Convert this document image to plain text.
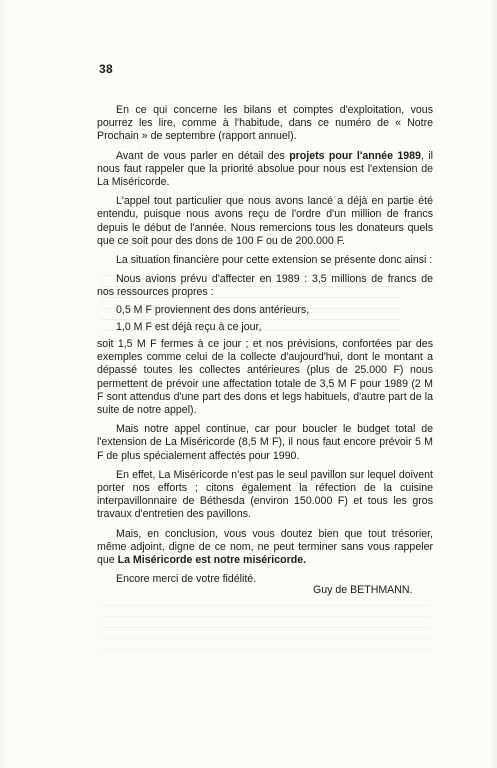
38

En ce qui concerne les bilans et comptes d'exploitation, vous pourrez les lire, comme à l'habitude, dans ce numéro de « Notre Prochain » de septembre (rapport annuel).

Avant de vous parler en détail des projets pour l'année 1989, il nous faut rappeler que la priorité absolue pour nous est l'extension de La Miséricorde.

L'appel tout particulier que nous avons lancé a déjà en partie été entendu, puisque nous avons reçu de l'ordre d'un million de francs depuis le début de l'année. Nous remercions tous les donateurs quels que ce soit pour des dons de 100 F ou de 200.000 F.

La situation financière pour cette extension se présente donc ainsi :

Nous avions prévu d'affecter en 1989 : 3,5 millions de francs de nos ressources propres :

0,5 M F proviennent des dons antérieurs,

1,0 M F est déjà reçu à ce jour,

soit 1,5 M F fermes à ce jour ; et nos prévisions, confortées par des exemples comme celui de la collecte d'aujourd'hui, dont le montant a dépassé toutes les collectes antérieures (plus de 25.000 F) nous permettent de prévoir une affectation totale de 3,5 M F pour 1989 (2 M F sont attendus d'une part des dons et legs habituels, d'autre part de la suite de notre appel).

Mais notre appel continue, car pour boucler le budget total de l'extension de La Miséricorde (8,5 M F), il nous faut encore prévoir 5 M F de plus spécialement affectés pour 1990.

En effet, La Miséricorde n'est pas le seul pavillon sur lequel doivent porter nos efforts ; citons également la réfection de la cuisine interpavillonnaire de Béthesda (environ 150.000 F) et tous les gros travaux d'entretien des pavillons.

Mais, en conclusion, vous vous doutez bien que tout trésorier, même adjoint, digne de ce nom, ne peut terminer sans vous rappeler que La Miséricorde est notre miséricorde.

Encore merci de votre fidélité.

Guy de BETHMANN.
